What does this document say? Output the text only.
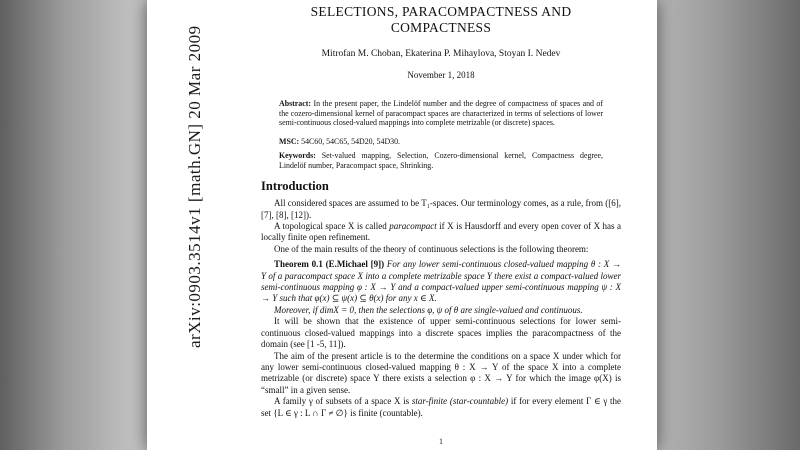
arXiv:0903.3514v1 [math.GN] 20 Mar 2009
SELECTIONS, PARACOMPACTNESS AND
COMPACTNESS
Mitrofan M. Choban, Ekaterina P. Mihaylova, Stoyan I. Nedev
November 1, 2018

Abstract: In the present paper, the Lindelöf number and the degree of compactness of spaces and of the cozero-dimensional kernel of paracompact spaces are characterized in terms of selections of lower semi-continuous closed-valued mappings into complete metrizable (or discrete) spaces.

MSC: 54C60, 54C65, 54D20, 54D30.

Keywords: Set-valued mapping, Selection, Cozero-dimensional kernel, Compactness degree, Lindelöf number, Paracompact space, Shrinking.

Introduction

All considered spaces are assumed to be T₁-spaces. Our terminology comes, as a rule, from ([6], [7], [8], [12]).

A topological space X is called paracompact if X is Hausdorff and every open cover of X has a locally finite open refinement.

One of the main results of the theory of continuous selections is the following theorem:

Theorem 0.1 (E.Michael [9]) For any lower semi-continuous closed-valued mapping θ : X → Y of a paracompact space X into a complete metrizable space Y there exist a compact-valued lower semi-continuous mapping φ : X → Y and a compact-valued upper semi-continuous mapping ψ : X → Y such that φ(x) ⊆ ψ(x) ⊆ θ(x) for any x ∈ X.

Moreover, if dimX = 0, then the selections φ, ψ of θ are single-valued and continuous.

It will be shown that the existence of upper semi-continuous selections for lower semi-continuous closed-valued mappings into a discrete spaces implies the paracompactness of the domain (see [1 -5, 11]).

The aim of the present article is to the determine the conditions on a space X under which for any lower semi-continuous closed-valued mapping θ : X → Y of the space X into a complete metrizable (or discrete) space Y there exists a selection φ : X → Y for which the image φ(X) is “small” in a given sense.

A family γ of subsets of a space X is star-finite (star-countable) if for every element Γ ∈ γ the set {L ∈ γ : L ∩ Γ ≠ ∅} is finite (countable).

1
